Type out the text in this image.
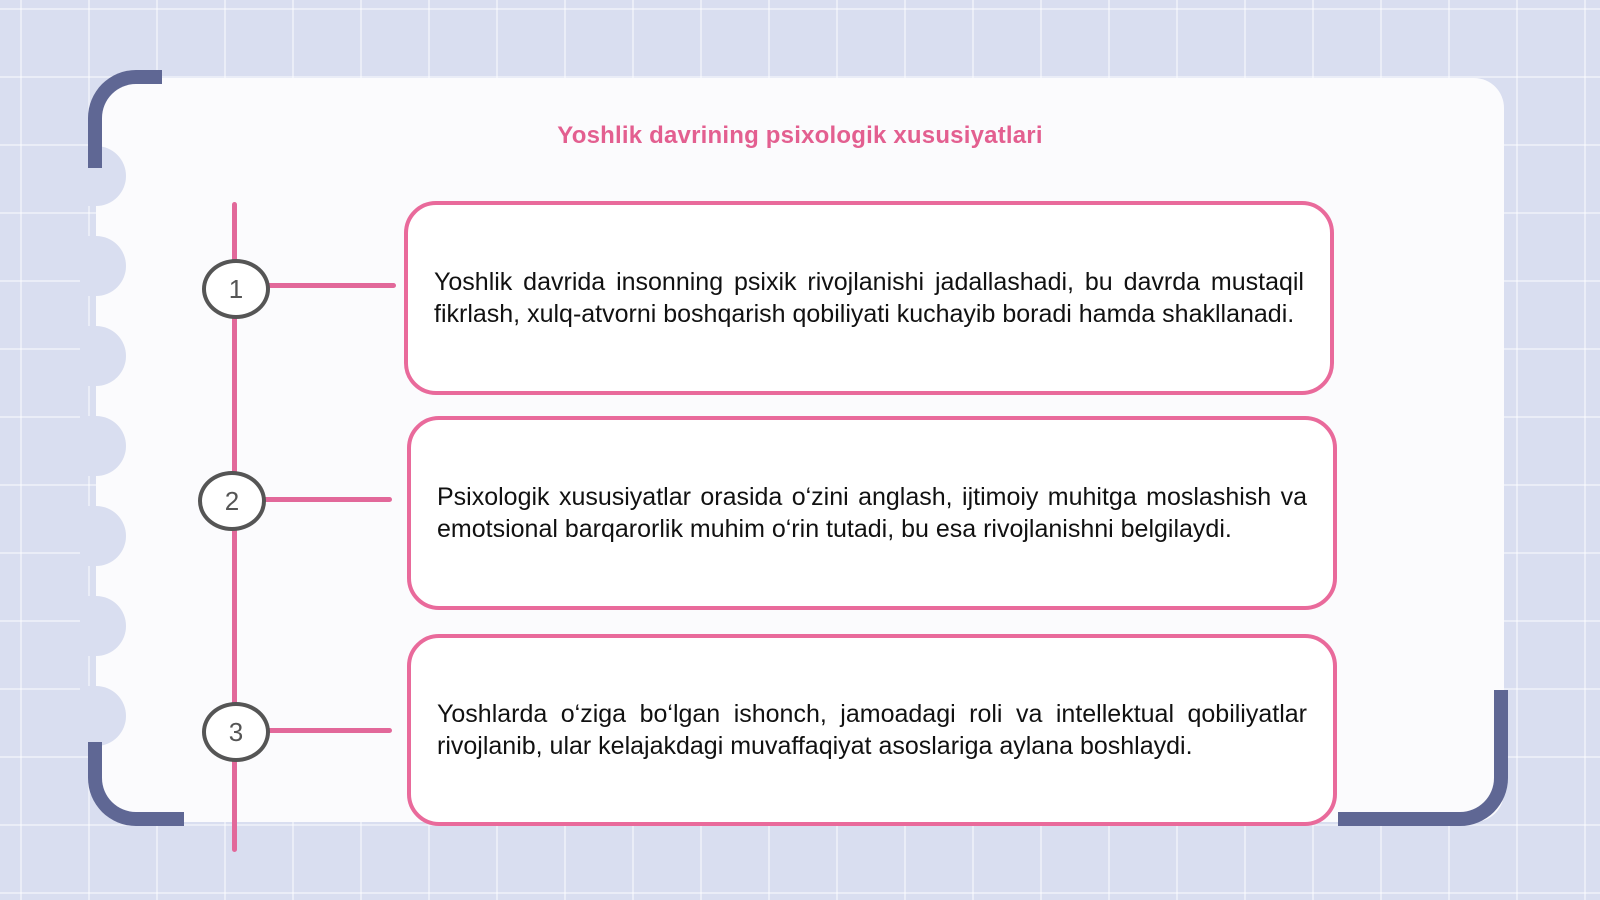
Yoshlik davrining psixologik xususiyatlari
1	Yoshlik davrida insonning psixik rivojlanishi jadallashadi, bu davrda mustaqil fikrlash, xulq-atvorni boshqarish qobiliyati kuchayib boradi hamda shakllanadi.

2	Psixologik xususiyatlar orasida o‘zini anglash, ijtimoiy muhitga moslashish va emotsional barqarorlik muhim o‘rin tutadi, bu esa rivojlanishni belgilaydi.

3

Yoshlarda o‘ziga bo‘lgan ishonch, jamoadagi roli va intellektual qobiliyatlar rivojlanib, ular kelajakdagi muvaffaqiyat asoslariga aylana boshlaydi.
